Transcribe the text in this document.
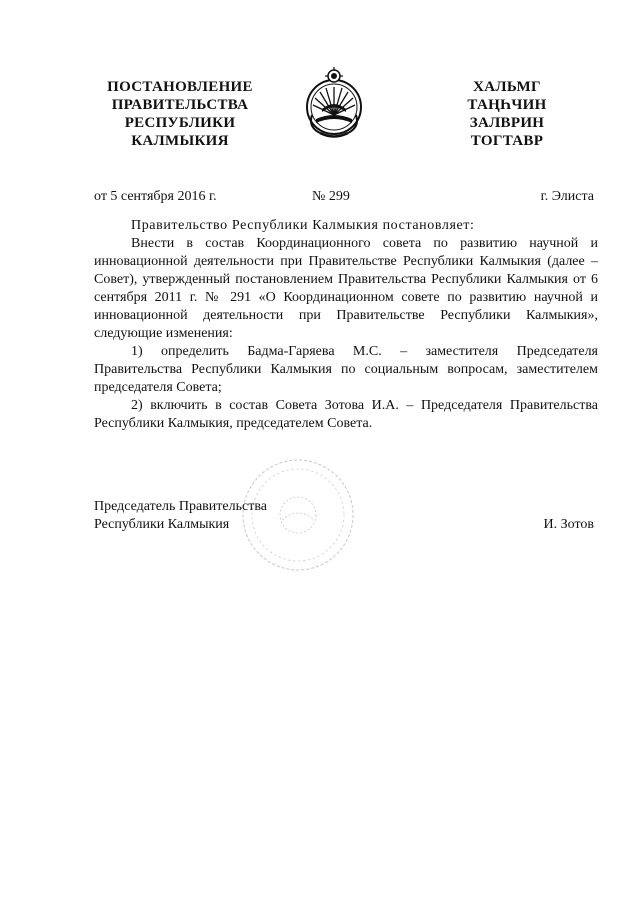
ПОСТАНОВЛЕНИЕ
ПРАВИТЕЛЬСТВА
РЕСПУБЛИКИ
КАЛМЫКИЯ
ХАЛЬМГ
ТАҢҺЧИН
ЗАЛВРИН
ТОГТАВР
от 5 сентября 2016 г.	№ 299	г. Элиста

Правительство Республики Калмыкия постановляет:

Внести в состав Координационного совета по развитию научной и инновационной деятельности при Правительстве Республики Калмыкия (далее – Совет), утвержденный постановлением Правительства Республики Калмыкия от 6 сентября 2011 г. № 291 «О Координационном совете по развитию научной и инновационной деятельности при Правительстве Республики Калмыкия», следующие изменения:

1) определить Бадма-Гаряева М.С. – заместителя Председателя Правительства Республики Калмыкия по социальным вопросам, заместителем председателя Совета;

2) включить в состав Совета Зотова И.А. – Председателя Правительства Республики Калмыкия, председателем Совета.

Председатель Правительства
Республики Калмыкия	И. Зотов
